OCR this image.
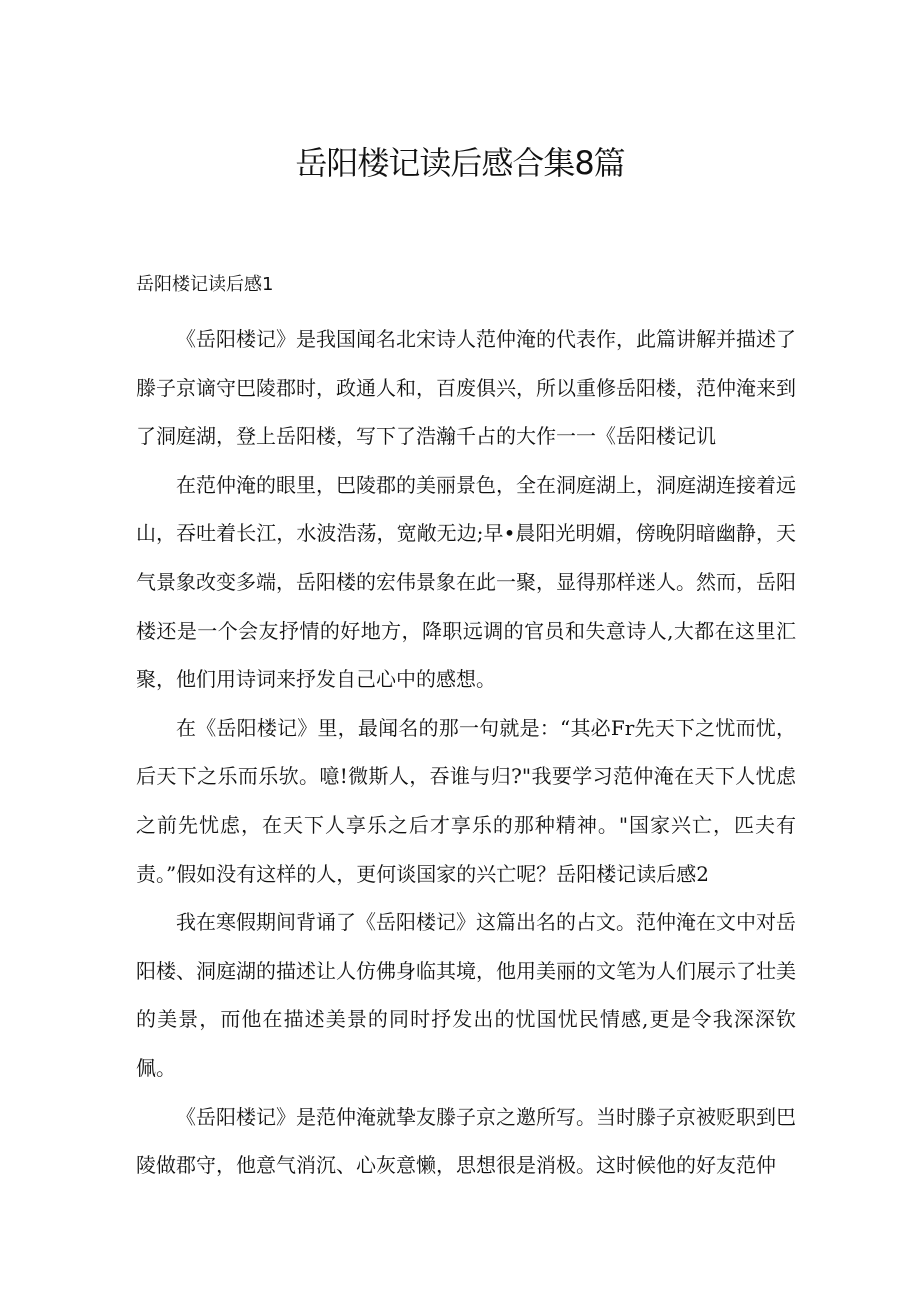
岳阳楼记读后感合集8篇
岳阳楼记读后感1

《岳阳楼记》是我国闻名北宋诗人范仲淹的代表作，此篇讲解并描述了滕子京谪守巴陵郡时，政通人和，百废俱兴，所以重修岳阳楼，范仲淹来到了洞庭湖，登上岳阳楼，写下了浩瀚千占的大作一一《岳阳楼记讥

在范仲淹的眼里，巴陵郡的美丽景色，全在洞庭湖上，洞庭湖连接着远山，吞吐着长江，水波浩荡，宽敞无边;早•晨阳光明媚，傍晚阴暗幽静，天气景象改变多端，岳阳楼的宏伟景象在此一聚，显得那样迷人。然而，岳阳楼还是一个会友抒情的好地方，降职远调的官员和失意诗人,大都在这里汇聚，他们用诗词来抒发自己心中的感想。

在《岳阳楼记》里，最闻名的那一句就是：“其必Fr先天下之忧而忧，后天下之乐而乐欤。噫!微斯人，吞谁与归?"我要学习范仲淹在天下人忧虑之前先忧虑，在天下人享乐之后才享乐的那种精神。"国家兴亡，匹夫有责。”假如没有这样的人，更何谈国家的兴亡呢？岳阳楼记读后感2

我在寒假期间背诵了《岳阳楼记》这篇出名的占文。范仲淹在文中对岳阳楼、洞庭湖的描述让人仿佛身临其境，他用美丽的文笔为人们展示了壮美的美景，而他在描述美景的同时抒发出的忧国忧民情感,更是令我深深钦佩。

《岳阳楼记》是范仲淹就挚友滕子京之邀所写。当时滕子京被贬职到巴陵做郡守，他意气消沉、心灰意懒，思想很是消极。这时候他的好友范仲
